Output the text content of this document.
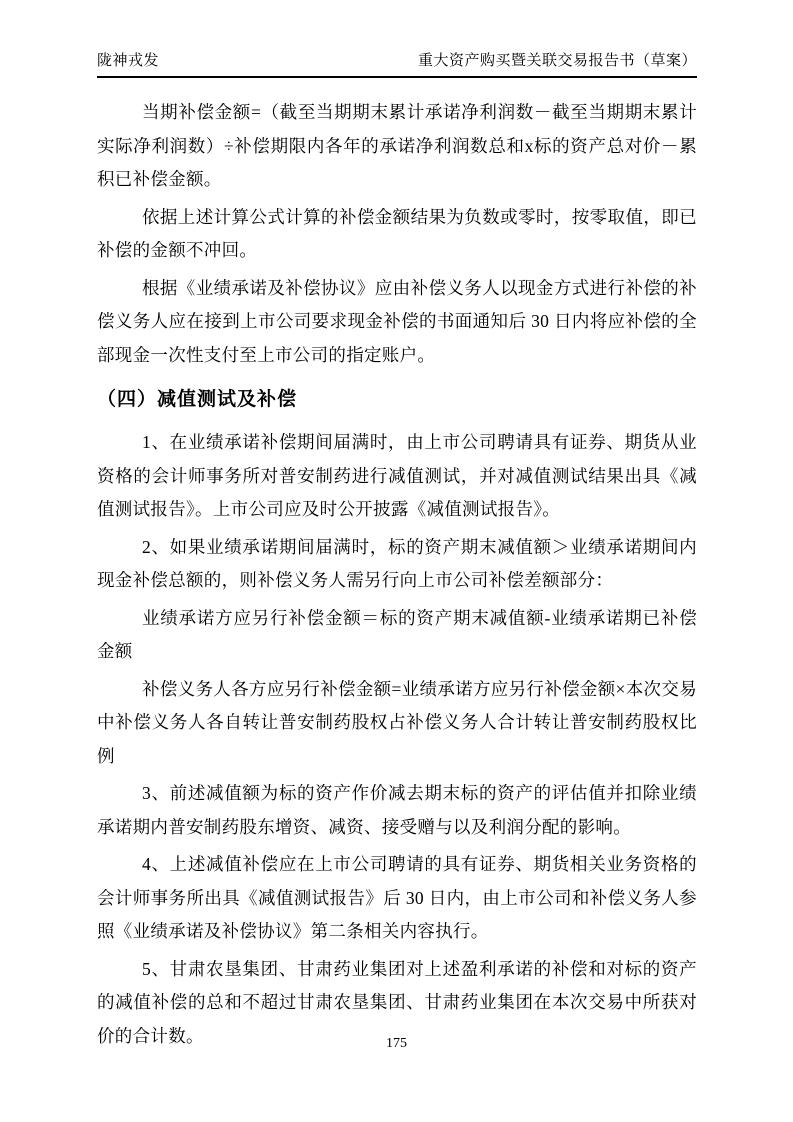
陇神戎发	重大资产购买暨关联交易报告书（草案）

当期补偿金额=（截至当期期末累计承诺净利润数－截至当期期末累计实际净利润数）÷补偿期限内各年的承诺净利润数总和x标的资产总对价－累积已补偿金额。

依据上述计算公式计算的补偿金额结果为负数或零时，按零取值，即已补偿的金额不冲回。

根据《业绩承诺及补偿协议》应由补偿义务人以现金方式进行补偿的补偿义务人应在接到上市公司要求现金补偿的书面通知后 30 日内将应补偿的全部现金一次性支付至上市公司的指定账户。

（四）减值测试及补偿

1、在业绩承诺补偿期间届满时，由上市公司聘请具有证券、期货从业资格的会计师事务所对普安制药进行减值测试，并对减值测试结果出具《减值测试报告》。上市公司应及时公开披露《减值测试报告》。

2、如果业绩承诺期间届满时，标的资产期末减值额＞业绩承诺期间内现金补偿总额的，则补偿义务人需另行向上市公司补偿差额部分：

业绩承诺方应另行补偿金额＝标的资产期末减值额-业绩承诺期已补偿金额

补偿义务人各方应另行补偿金额=业绩承诺方应另行补偿金额×本次交易中补偿义务人各自转让普安制药股权占补偿义务人合计转让普安制药股权比例

3、前述减值额为标的资产作价减去期末标的资产的评估值并扣除业绩承诺期内普安制药股东增资、减资、接受赠与以及利润分配的影响。

4、上述减值补偿应在上市公司聘请的具有证券、期货相关业务资格的会计师事务所出具《减值测试报告》后 30 日内，由上市公司和补偿义务人参照《业绩承诺及补偿协议》第二条相关内容执行。

5、甘肃农垦集团、甘肃药业集团对上述盈利承诺的补偿和对标的资产的减值补偿的总和不超过甘肃农垦集团、甘肃药业集团在本次交易中所获对价的合计数。	175
